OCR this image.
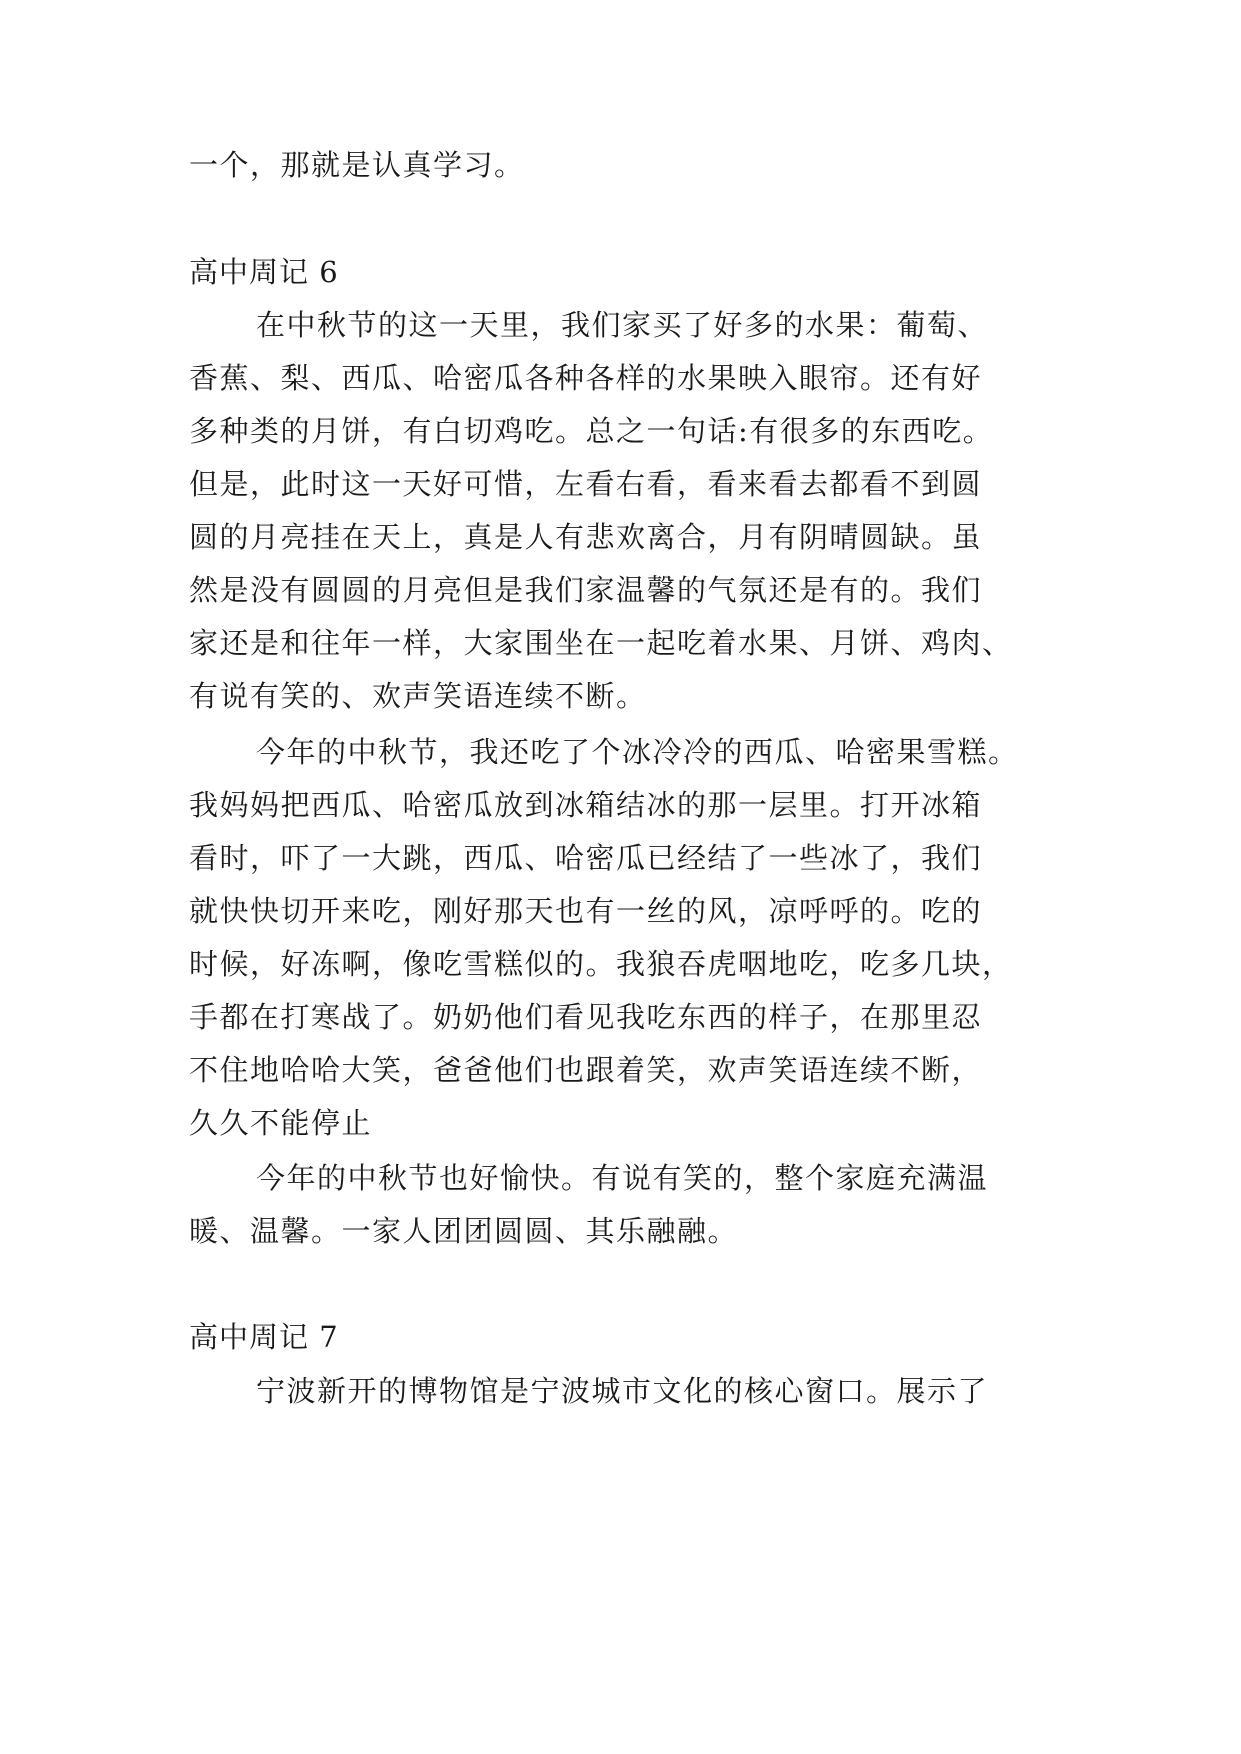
一个，那就是认真学习。
高中周记 6
在中秋节的这一天里，我们家买了好多的水果：葡萄、
香蕉、梨、西瓜、哈密瓜各种各样的水果映入眼帘。还有好
多种类的月饼，有白切鸡吃。总之一句话:有很多的东西吃。
但是，此时这一天好可惜，左看右看，看来看去都看不到圆
圆的月亮挂在天上，真是人有悲欢离合，月有阴晴圆缺。虽
然是没有圆圆的月亮但是我们家温馨的气氛还是有的。我们
家还是和往年一样，大家围坐在一起吃着水果、月饼、鸡肉、
有说有笑的、欢声笑语连续不断。
今年的中秋节，我还吃了个冰冷冷的西瓜、哈密果雪糕。
我妈妈把西瓜、哈密瓜放到冰箱结冰的那一层里。打开冰箱
看时，吓了一大跳，西瓜、哈密瓜已经结了一些冰了，我们
就快快切开来吃，刚好那天也有一丝的风，凉呼呼的。吃的
时候，好冻啊，像吃雪糕似的。我狼吞虎咽地吃，吃多几块，
手都在打寒战了。奶奶他们看见我吃东西的样子，在那里忍
不住地哈哈大笑，爸爸他们也跟着笑，欢声笑语连续不断，
久久不能停止
今年的中秋节也好愉快。有说有笑的，整个家庭充满温
暖、温馨。一家人团团圆圆、其乐融融。
高中周记 7
宁波新开的博物馆是宁波城市文化的核心窗口。展示了
